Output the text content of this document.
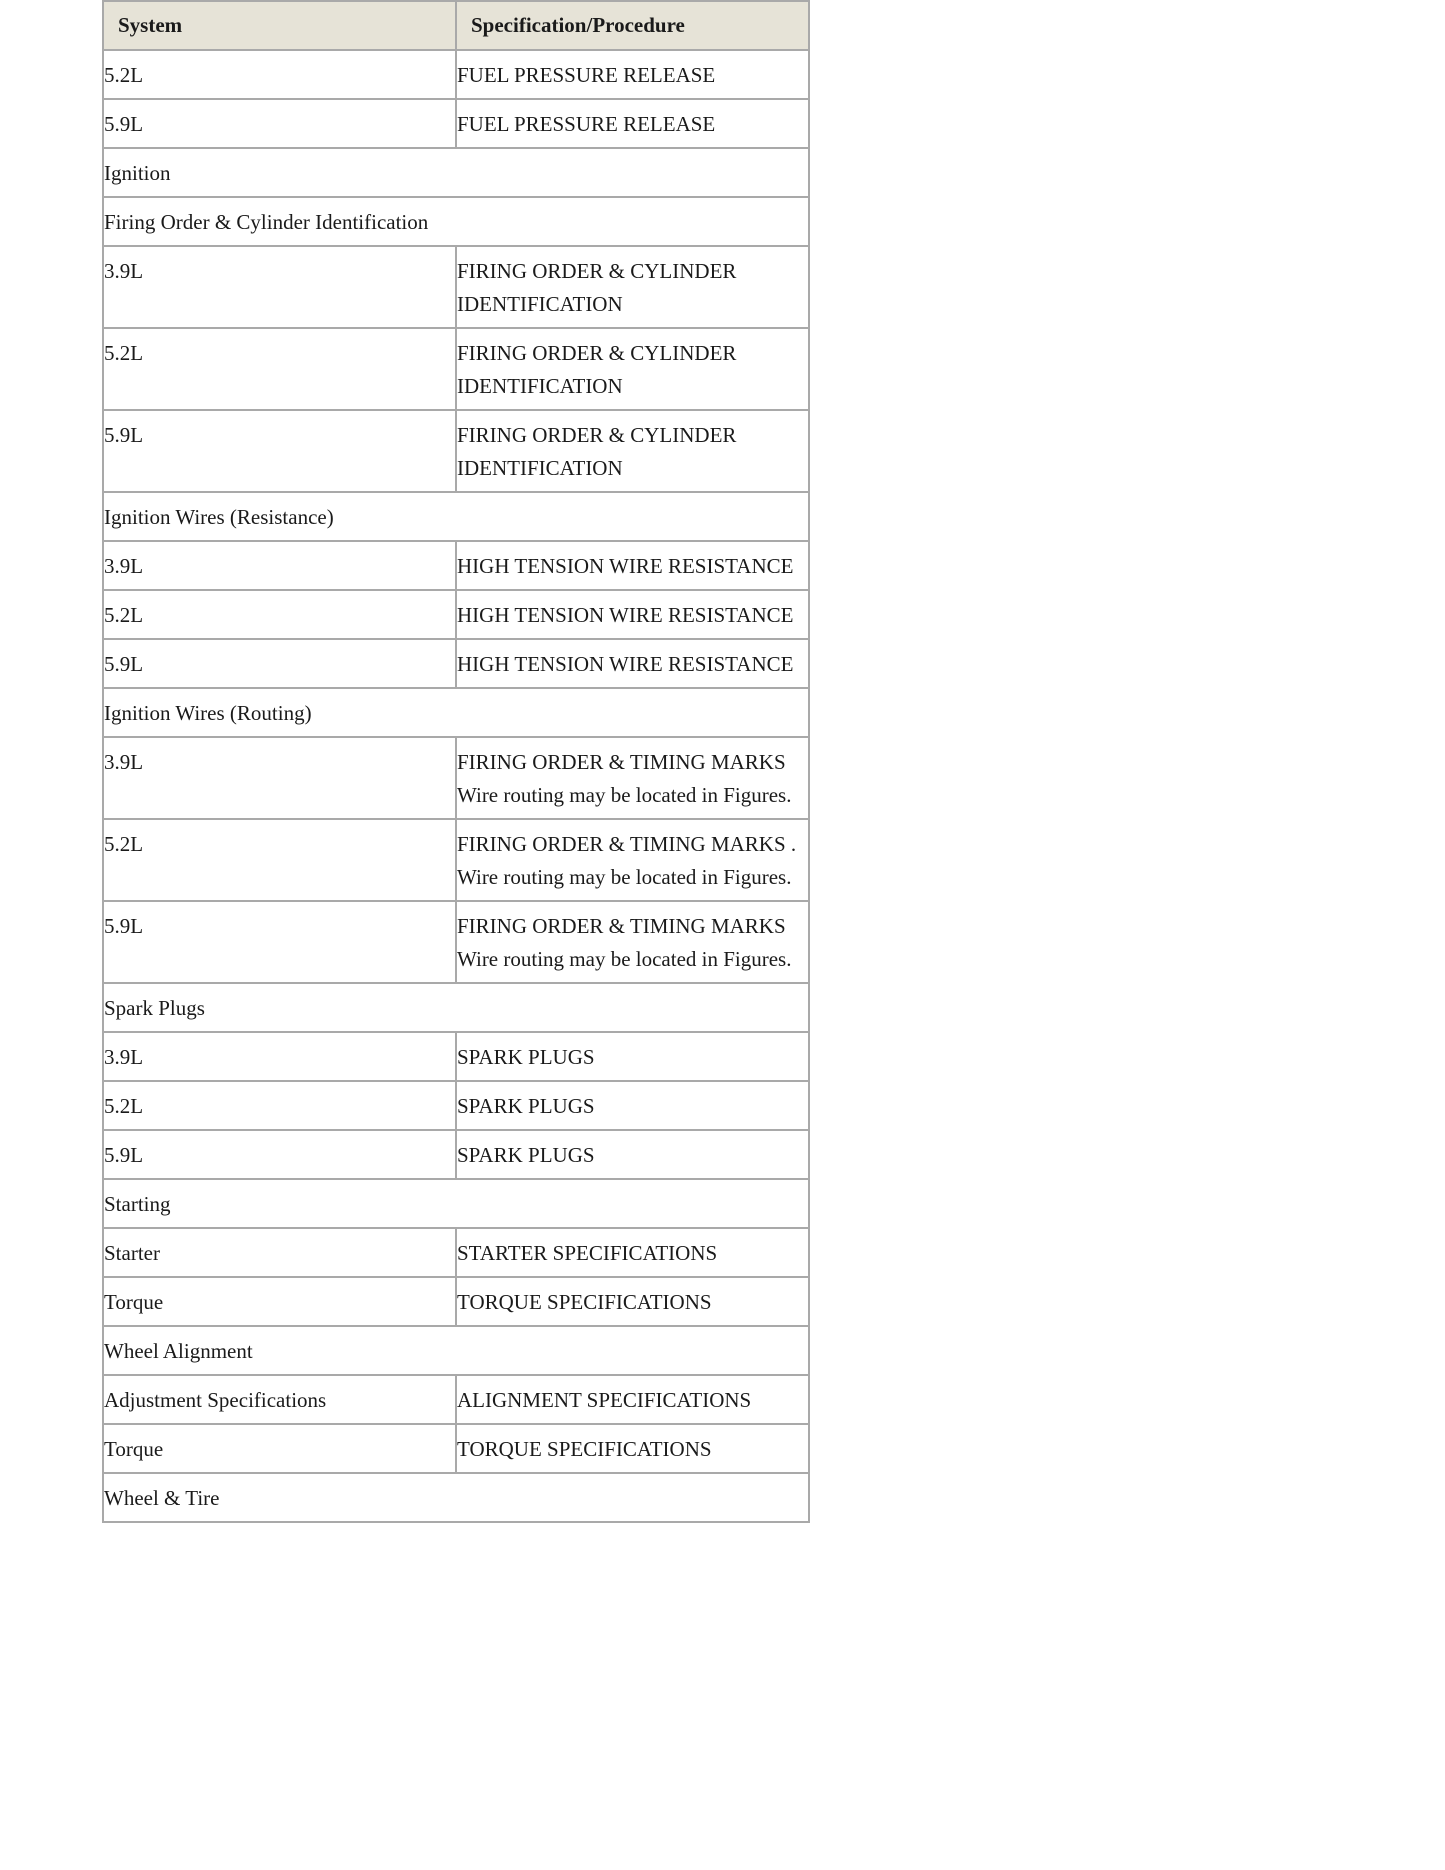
System	Specification/Procedure
5.2L	FUEL PRESSURE RELEASE
5.9L	FUEL PRESSURE RELEASE
Ignition	
Firing Order & Cylinder Identification	
3.9L	FIRING ORDER & CYLINDER IDENTIFICATION
5.2L	FIRING ORDER & CYLINDER IDENTIFICATION
5.9L	FIRING ORDER & CYLINDER IDENTIFICATION
Ignition Wires (Resistance)	
3.9L	HIGH TENSION WIRE RESISTANCE
5.2L	HIGH TENSION WIRE RESISTANCE
5.9L	HIGH TENSION WIRE RESISTANCE
Ignition Wires (Routing)	
3.9L	FIRING ORDER & TIMING MARKS Wire routing may be located in Figures.
5.2L	FIRING ORDER & TIMING MARKS . Wire routing may be located in Figures.
5.9L	FIRING ORDER & TIMING MARKS Wire routing may be located in Figures.
Spark Plugs	
3.9L	SPARK PLUGS
5.2L	SPARK PLUGS
5.9L	SPARK PLUGS
Starting	
Starter	STARTER SPECIFICATIONS
Torque	TORQUE SPECIFICATIONS
Wheel Alignment	
Adjustment Specifications	ALIGNMENT SPECIFICATIONS
Torque	TORQUE SPECIFICATIONS
Wheel & Tire	
